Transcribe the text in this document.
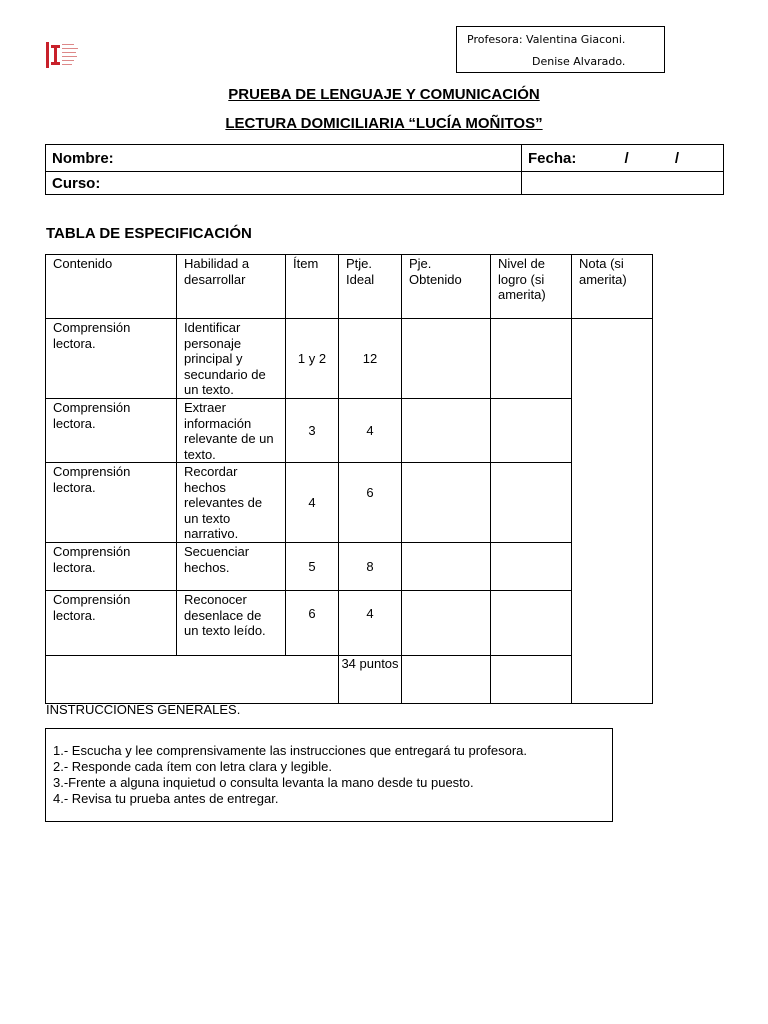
Profesora: Valentina Giaconi.
Denise Alvarado.
PRUEBA DE LENGUAJE Y COMUNICACIÓN
LECTURA DOMICILIARIA “LUCÍA MOÑITOS”
Nombre:	Fecha: / /
Curso:	
TABLA DE ESPECIFICACIÓN
Contenido	Habilidad a desarrollar	Ítem	Ptje. Ideal	Pje. Obtenido	Nivel de logro (si amerita)	Nota (si amerita)
Comprensión lectora.	Identificar personaje principal y secundario de un texto.	1 y 2	12			
Comprensión lectora.	Extraer información relevante de un texto.	3	4			
Comprensión lectora.	Recordar hechos relevantes de un texto narrativo.	4	6			
Comprensión lectora.	Secuenciar hechos.	5	8			
Comprensión lectora.	Reconocer desenlace de un texto leído.	6	4			
			34 puntos			
INSTRUCCIONES GENERALES.
1.- Escucha y lee comprensivamente las instrucciones que entregará tu profesora.
2.- Responde cada ítem con letra clara y legible.
3.-Frente a alguna inquietud o consulta levanta la mano desde tu puesto.
4.- Revisa tu prueba antes de entregar.
